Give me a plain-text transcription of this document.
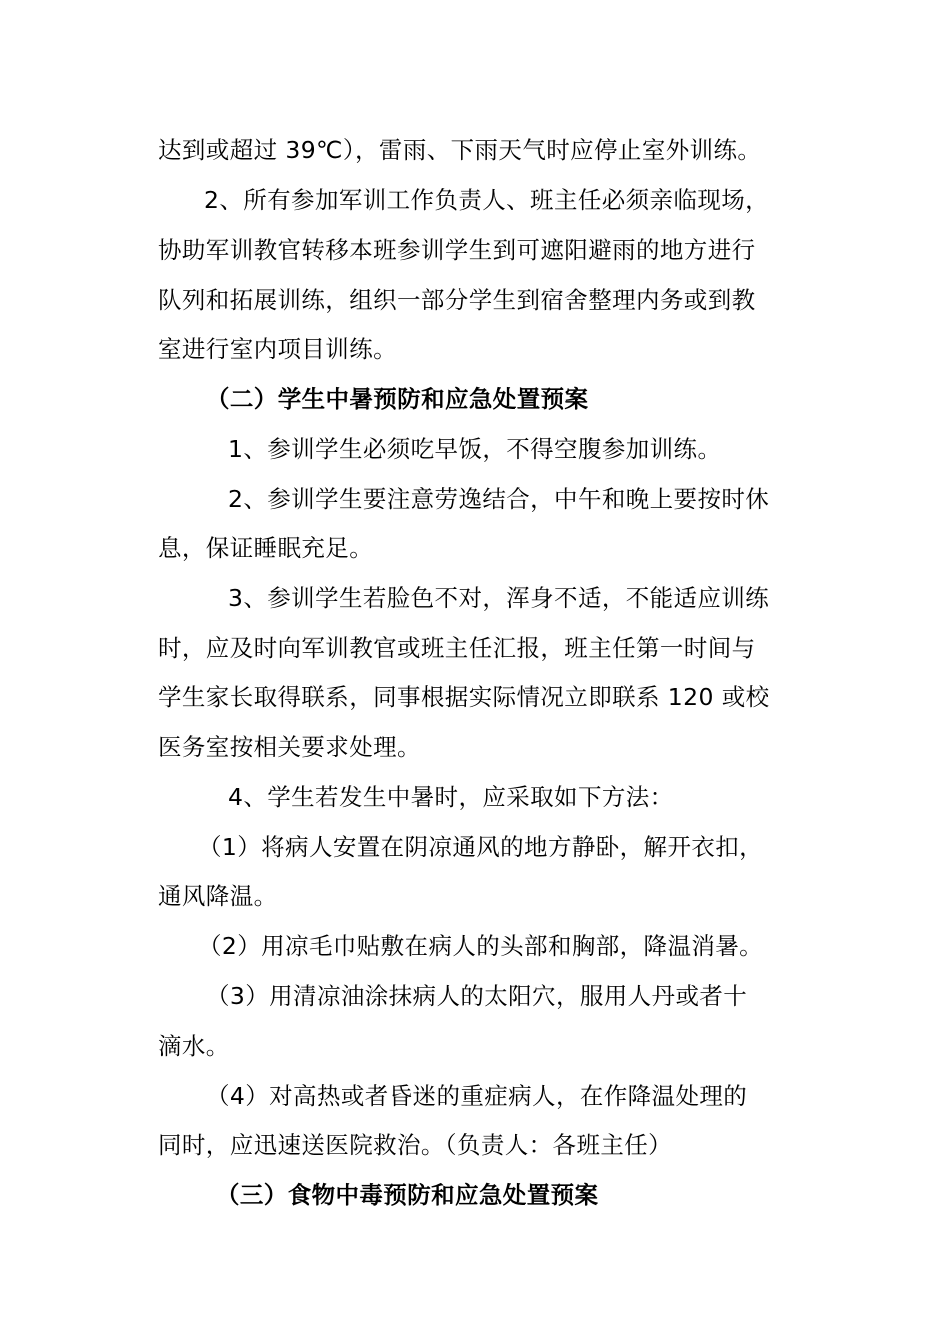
达到或超过 39℃），雷雨、下雨天气时应停止室外训练。
2、所有参加军训工作负责人、班主任必须亲临现场，
协助军训教官转移本班参训学生到可遮阳避雨的地方进行
队列和拓展训练，组织一部分学生到宿舍整理内务或到教
室进行室内项目训练。
（二）学生中暑预防和应急处置预案
1、参训学生必须吃早饭，不得空腹参加训练。
2、参训学生要注意劳逸结合，中午和晚上要按时休
息，保证睡眠充足。
3、参训学生若脸色不对，浑身不适，不能适应训练
时，应及时向军训教官或班主任汇报，班主任第一时间与
学生家长取得联系，同事根据实际情况立即联系 120 或校
医务室按相关要求处理。
4、学生若发生中暑时，应采取如下方法：
（1）将病人安置在阴凉通风的地方静卧，解开衣扣，
通风降温。
（2）用凉毛巾贴敷在病人的头部和胸部，降温消暑。
（3）用清凉油涂抹病人的太阳穴，服用人丹或者十
滴水。
（4）对高热或者昏迷的重症病人，在作降温处理的
同时，应迅速送医院救治。（负责人：各班主任）
（三）食物中毒预防和应急处置预案
